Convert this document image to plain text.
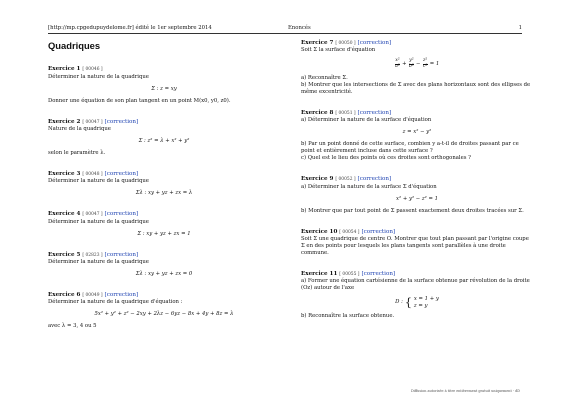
[http://mp.cpgedupuydelome.fr] édité le 1er septembre 2014	Enoncés	1
Quadriques
Exercice 1 [ 00046 ]

Déterminer la nature de la quadrique

Σ : z = xy

Donner une équation de son plan tangent en un point M(x0, y0, z0).

Exercice 2 [ 00047 ] [correction]

Nature de la quadrique

Σ : z² = λ + x² + y²

selon le paramètre λ.

Exercice 3 [ 00048 ] [correction]

Déterminer la nature de la quadrique

Σλ : xy + yz + zx = λ
Exercice 4 [ 00047 ] [correction]

Déterminer la nature de la quadrique

Σ : xy + yz + zx = 1
Exercice 5 [ 02823 ] [correction]

Déterminer la nature de la quadrique

Σλ : xy + yz + zx = 0
Exercice 6 [ 00049 ] [correction]

Déterminer la nature de la quadrique d'équation :

5x² + y² + z² − 2xy + 2λz − 6yz − 8x + 4y + 8z = λ

avec λ = 3, 4 ou 5

Exercice 7 [ 00050 ] [correction]

Soit Σ la surface d'équation

$\frac{\text{x²}}{\text{a²}} + \frac{\text{y²}}{\text{b²}} - \frac{\text{z²}}{\text{c²}} = 1$

a) Reconnaître Σ.

b) Montrer que les intersections de Σ avec des plans horizontaux sont des ellipses de même excentricité.

Exercice 8 [ 00051 ] [correction]

a) Déterminer la nature de la surface d'équation

z = x² − y²

b) Par un point donné de cette surface, combien y a-t-il de droites passant par ce point et entièrement incluse dans cette surface ?

c) Quel est le lieu des points où ces droites sont orthogonales ?

Exercice 9 [ 00052 ] [correction]

a) Déterminer la nature de la surface Σ d'équation

x² + y² − z² = 1

b) Montrer que par tout point de Σ passent exactement deux droites tracées sur Σ.

Exercice 10 [ 00054 ] [correction]

Soit Σ une quadrique de centre O. Montrer que tout plan passant par l'origine coupe Σ en des points pour lesquels les plans tangents sont parallèles à une droite commune.

Exercice 11 [ 00055 ] [correction]

a) Former une équation cartésienne de la surface obtenue par révolution de la droite (Oz) autour de l'axe

D : { x = 1 + y
z = y

b) Reconnaître la surface obtenue.

Diffusion autorisée à titre entièrement gratuit uniquement - dD
